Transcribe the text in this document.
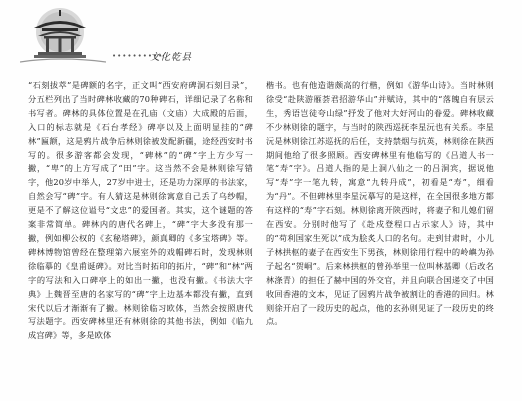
••••••••••
文化乾县

“石刻拔萃”是碑额的名字，正文叫“西安府碑洞石刻目录”，分五栏列出了当时碑林收藏的70种碑石，详细记录了名称和书写者。碑林的具体位置是在孔庙（文庙）大成殿的后面，入口的标志就是《石台孝经》碑亭以及上面明显挂的“碑林”匾额，这是鸦片战争后林则徐被发配新疆，途经西安时书写的。很多游客都会发现，“碑林”的“碑”字上方少写一撇，“卑”的上方写成了“田”字。这当然不会是林则徐写错字，他20岁中举人，27岁中进士，还是功力深厚的书法家，自然会写“碑”字。有人猜这是林则徐寓意自己丢了乌纱帽，更是不了解这位谥号“文忠”的爱国者。其实，这个谜题的答案非常简单。碑林内的唐代名碑上，“碑”字大多没有那一撇，例如柳公权的《玄秘塔碑》，颜真卿的《多宝塔碑》等。碑林博物馆曾经在整理第六展室外的戏帽碑石时，发现林则徐临摹的《皇甫诞碑》。对比当时拓印的拓片，“碑”和“林”两字的写法和入口碑亭上的如出一撇，也没有撇。《书法大字典》上魏晋至唐的名家写的“碑”字上边基本都没有撇，直到宋代以后才渐渐有了撇。林则徐临习欧体，当然会按照唐代写法题字。西安碑林里还有林则徐的其他书法，例如《临九成宫碑》等，多是欧体

楷书。也有他造谐颇高的行楷，例如《游华山诗》。当时林则徐受“赴陕游雁荟君招游华山”并赋诗，其中的“落魄自有层云生，秀语岂徒夸山绿”抒发了他对大好河山的眷爱。碑林收藏不少林则徐的题字，与当时的陕西巡抚李星沅也有关系。李星沅是林则徐江苏巡抚的后任，支持禁烟与抗英，林则徐在陕西期间他给了很多照顾。西安碑林里有他临写的《吕道人书一笔“寿”字》。吕道人指的是上洞八仙之一的吕洞宾，据说他写“寿”字一笔九转，寓意“九转丹成”，初看是“寿”，细看为“丹”。不但碑林里李星沅摹写的是这样，在全国很多地方都有这样的“寿”字石刻。林则徐离开陕西时，将妻子和儿媳们留在西安。分别时他写了《赴戍登程口占示家人》诗，其中的“苟利国家生死以”成为脍炙人口的名句。走到甘肃时，小儿子林拱枢的妻子在西安生下男孩，林则徐用行程中的岭嶼为孙子起名“贺峒”。后来林拱枢的曾孙举里一位叫林基卿（后改名林涤青）的担任了赫中国的外交官，并且向联合国递交了中国收回香港的文本，见证了因鸦片战争被割让的香港的回归。林则徐开启了一段历史的起点，他的玄孙则见证了一段历史的终点。
